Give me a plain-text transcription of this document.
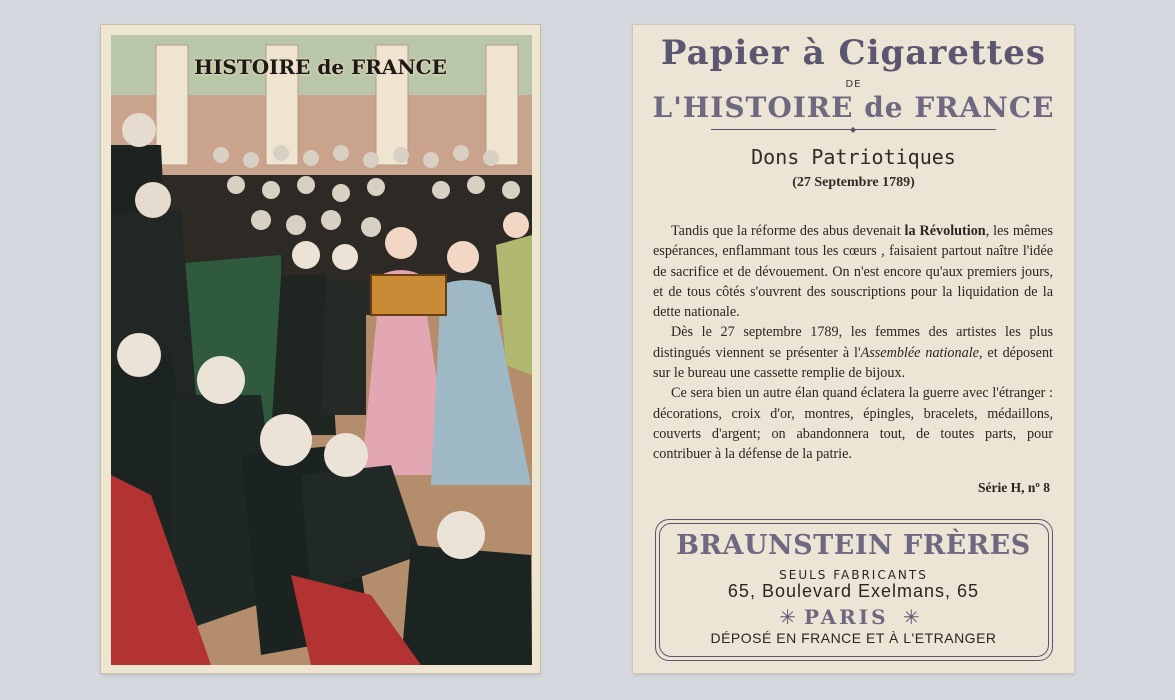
HISTOIRE de FRANCE	Papier à Cigarettes
DE
L'HISTOIRE de FRANCE
◆
Dons Patriotiques
(27 Septembre 1789)

Tandis que la réforme des abus devenait la Révolution, les mêmes espérances, enflammant tous les cœurs , faisaient partout naître l'idée de sacrifice et de dévouement. On n'est encore qu'aux premiers jours, et de tous côtés s'ouvrent des souscriptions pour la liquidation de la dette nationale.

Dès le 27 septembre 1789, les femmes des artistes les plus distingués viennent se présenter à l'Assemblée nationale, et déposent sur le bureau une cassette remplie de bijoux.

Ce sera bien un autre élan quand éclatera la guerre avec l'étranger : décorations, croix d'or, montres, épingles, bracelets, médaillons, couverts d'argent; on abandonnera tout, de toutes parts, pour contribuer à la défense de la patrie.

Série H, nº 8
BRAUNSTEIN FRÈRES
SEULS FABRICANTS
65, Boulevard Exelmans, 65
✳PARIS ✳
DÉPOSÉ EN FRANCE ET À L'ETRANGER
